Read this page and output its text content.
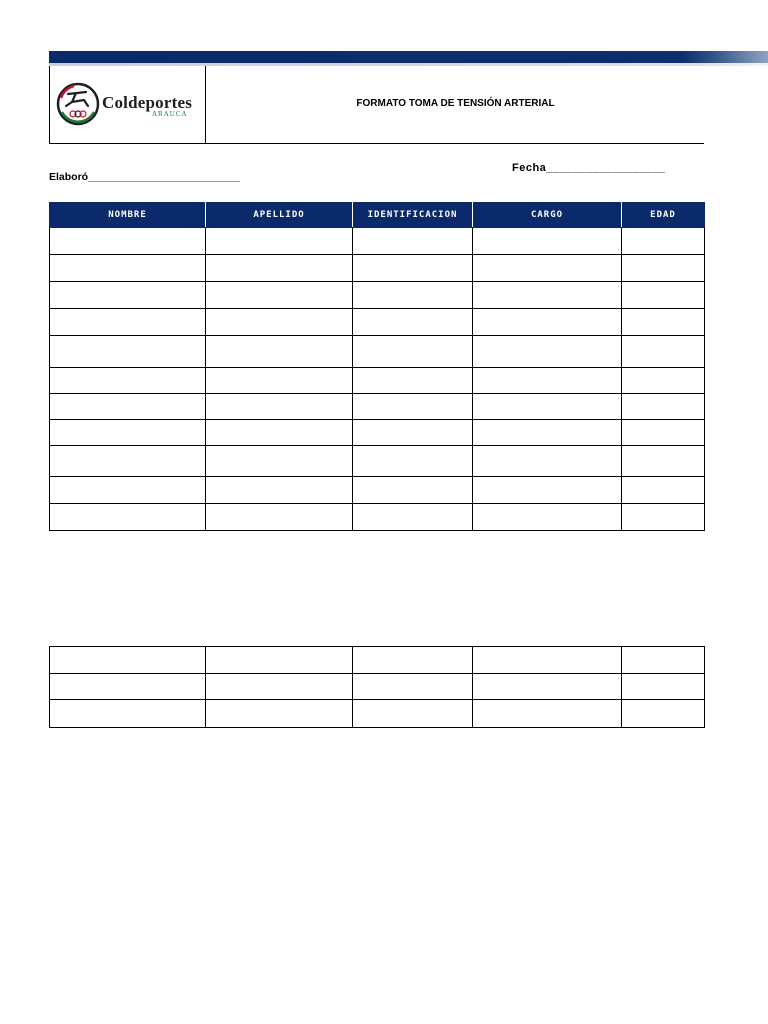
Coldeportes
ARAUCA
FORMATO TOMA DE TENSIÓN ARTERIAL
Elaboró__________________________
Fecha__________________
NOMBRE	APELLIDO	IDENTIFICACION	CARGO	EDAD
